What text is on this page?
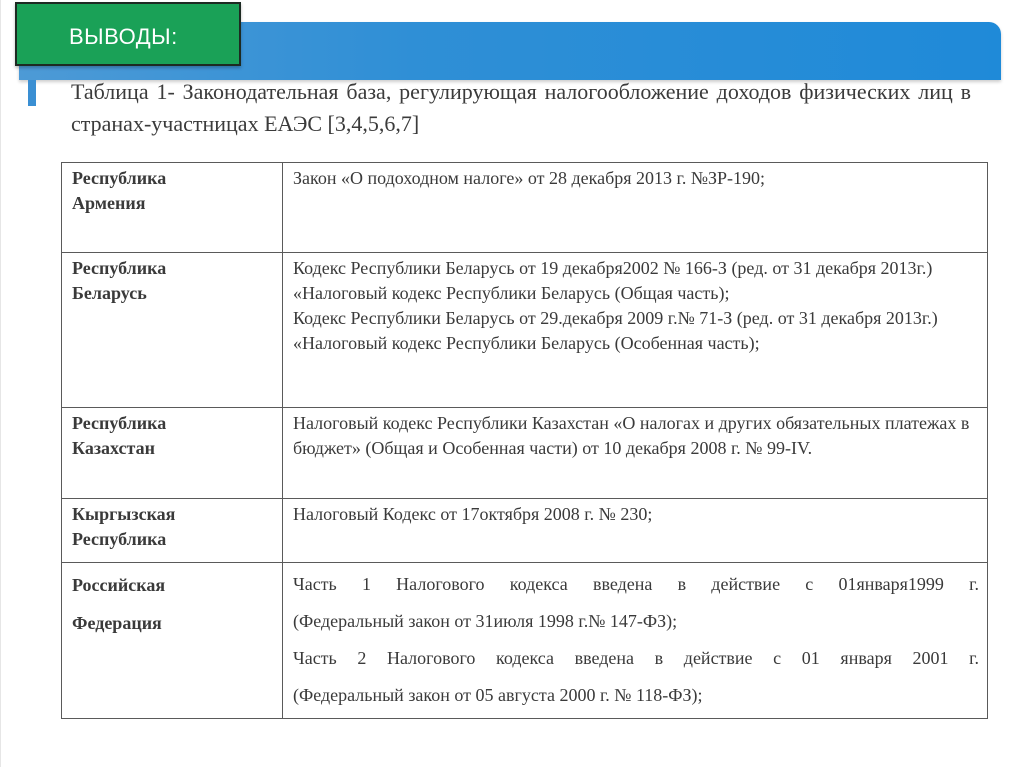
ВЫВОДЫ:
Таблица 1- Законодательная база, регулирующая налогообложение доходов физических лиц в странах-участницах ЕАЭС [3,4,5,6,7]
Республика
Армения	Закон «О подоходном налоге» от 28 декабря 2013 г. №ЗР-190;

Республика
Беларусь	Кодекс Республики Беларусь от 19 декабря2002 № 166-З (ред. от 31 декабря 2013г.) «Налоговый кодекс Республики Беларусь (Общая часть);
Кодекс Республики Беларусь от 29.декабря 2009 г.№ 71-З (ред. от 31 декабря 2013г.) «Налоговый кодекс Республики Беларусь (Особенная часть);

Республика
Казахстан	Налоговый кодекс Республики Казахстан «О налогах и других обязательных платежах в бюджет» (Общая и Особенная части) от 10 декабря 2008 г. № 99-IV.

Кыргызская
Республика	Налоговый Кодекс от 17октября 2008 г. № 230;

Российская
Федерация	Часть 1 Налогового кодекса введена в действие с 01января1999 г.
(Федеральный закон от 31июля 1998 г.№ 147-ФЗ);
Часть 2 Налогового кодекса введена в действие с 01 января 2001 г.
(Федеральный закон от 05 августа 2000 г. № 118-ФЗ);
